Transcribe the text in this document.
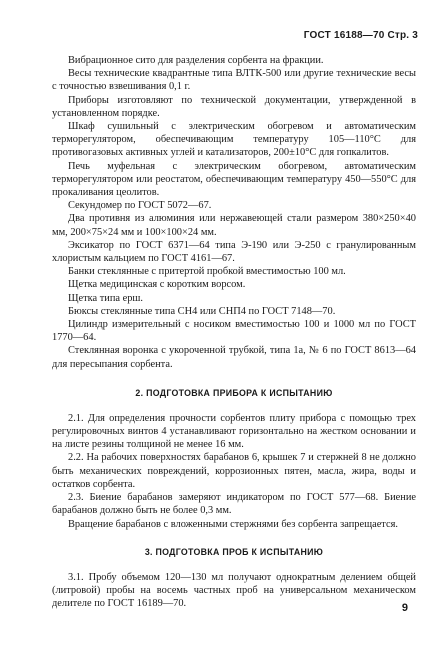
ГОСТ 16188—70 Стр. 3

Вибрационное сито для разделения сорбента на фракции.

Весы технические квадрантные типа ВЛТК-500 или другие технические весы с точностью взвешивания 0,1 г.

Приборы изготовляют по технической документации, утвержденной в установленном порядке.

Шкаф сушильный с электрическим обогревом и автоматическим терморегулятором, обеспечивающим температуру 105—110°С для противогазовых активных углей и катализаторов, 200±10°С для гопкалитов.

Печь муфельная с электрическим обогревом, автоматическим терморегулятором или реостатом, обеспечивающим температуру 450—550°С для прокаливания цеолитов.

Секундомер по ГОСТ 5072—67.

Два противня из алюминия или нержавеющей стали размером 380×250×40 мм, 200×75×24 мм и 100×100×24 мм.

Эксикатор по ГОСТ 6371—64 типа Э-190 или Э-250 с гранулированным хлористым кальцием по ГОСТ 4161—67.

Банки стеклянные с притертой пробкой вместимостью 100 мл.

Щетка медицинская с коротким ворсом.

Щетка типа ерш.

Бюксы стеклянные типа СН4 или СНП4 по ГОСТ 7148—70.

Цилиндр измерительный с носиком вместимостью 100 и 1000 мл по ГОСТ 1770—64.

Стеклянная воронка с укороченной трубкой, типа 1а, № 6 по ГОСТ 8613—64 для пересыпания сорбента.

2. ПОДГОТОВКА ПРИБОРА К ИСПЫТАНИЮ

2.1. Для определения прочности сорбентов плиту прибора с помощью трех регулировочных винтов 4 устанавливают горизонтально на жестком основании и на листе резины толщиной не менее 16 мм.

2.2. На рабочих поверхностях барабанов 6, крышек 7 и стержней 8 не должно быть механических повреждений, коррозионных пятен, масла, жира, воды и остатков сорбента.

2.3. Биение барабанов замеряют индикатором по ГОСТ 577—68. Биение барабанов должно быть не более 0,3 мм.

Вращение барабанов с вложенными стержнями без сорбента запрещается.

3. ПОДГОТОВКА ПРОБ К ИСПЫТАНИЮ

3.1. Пробу объемом 120—130 мл получают однократным делением общей (литровой) пробы на восемь частных проб на универсальном механическом делителе по ГОСТ 16189—70.	9
